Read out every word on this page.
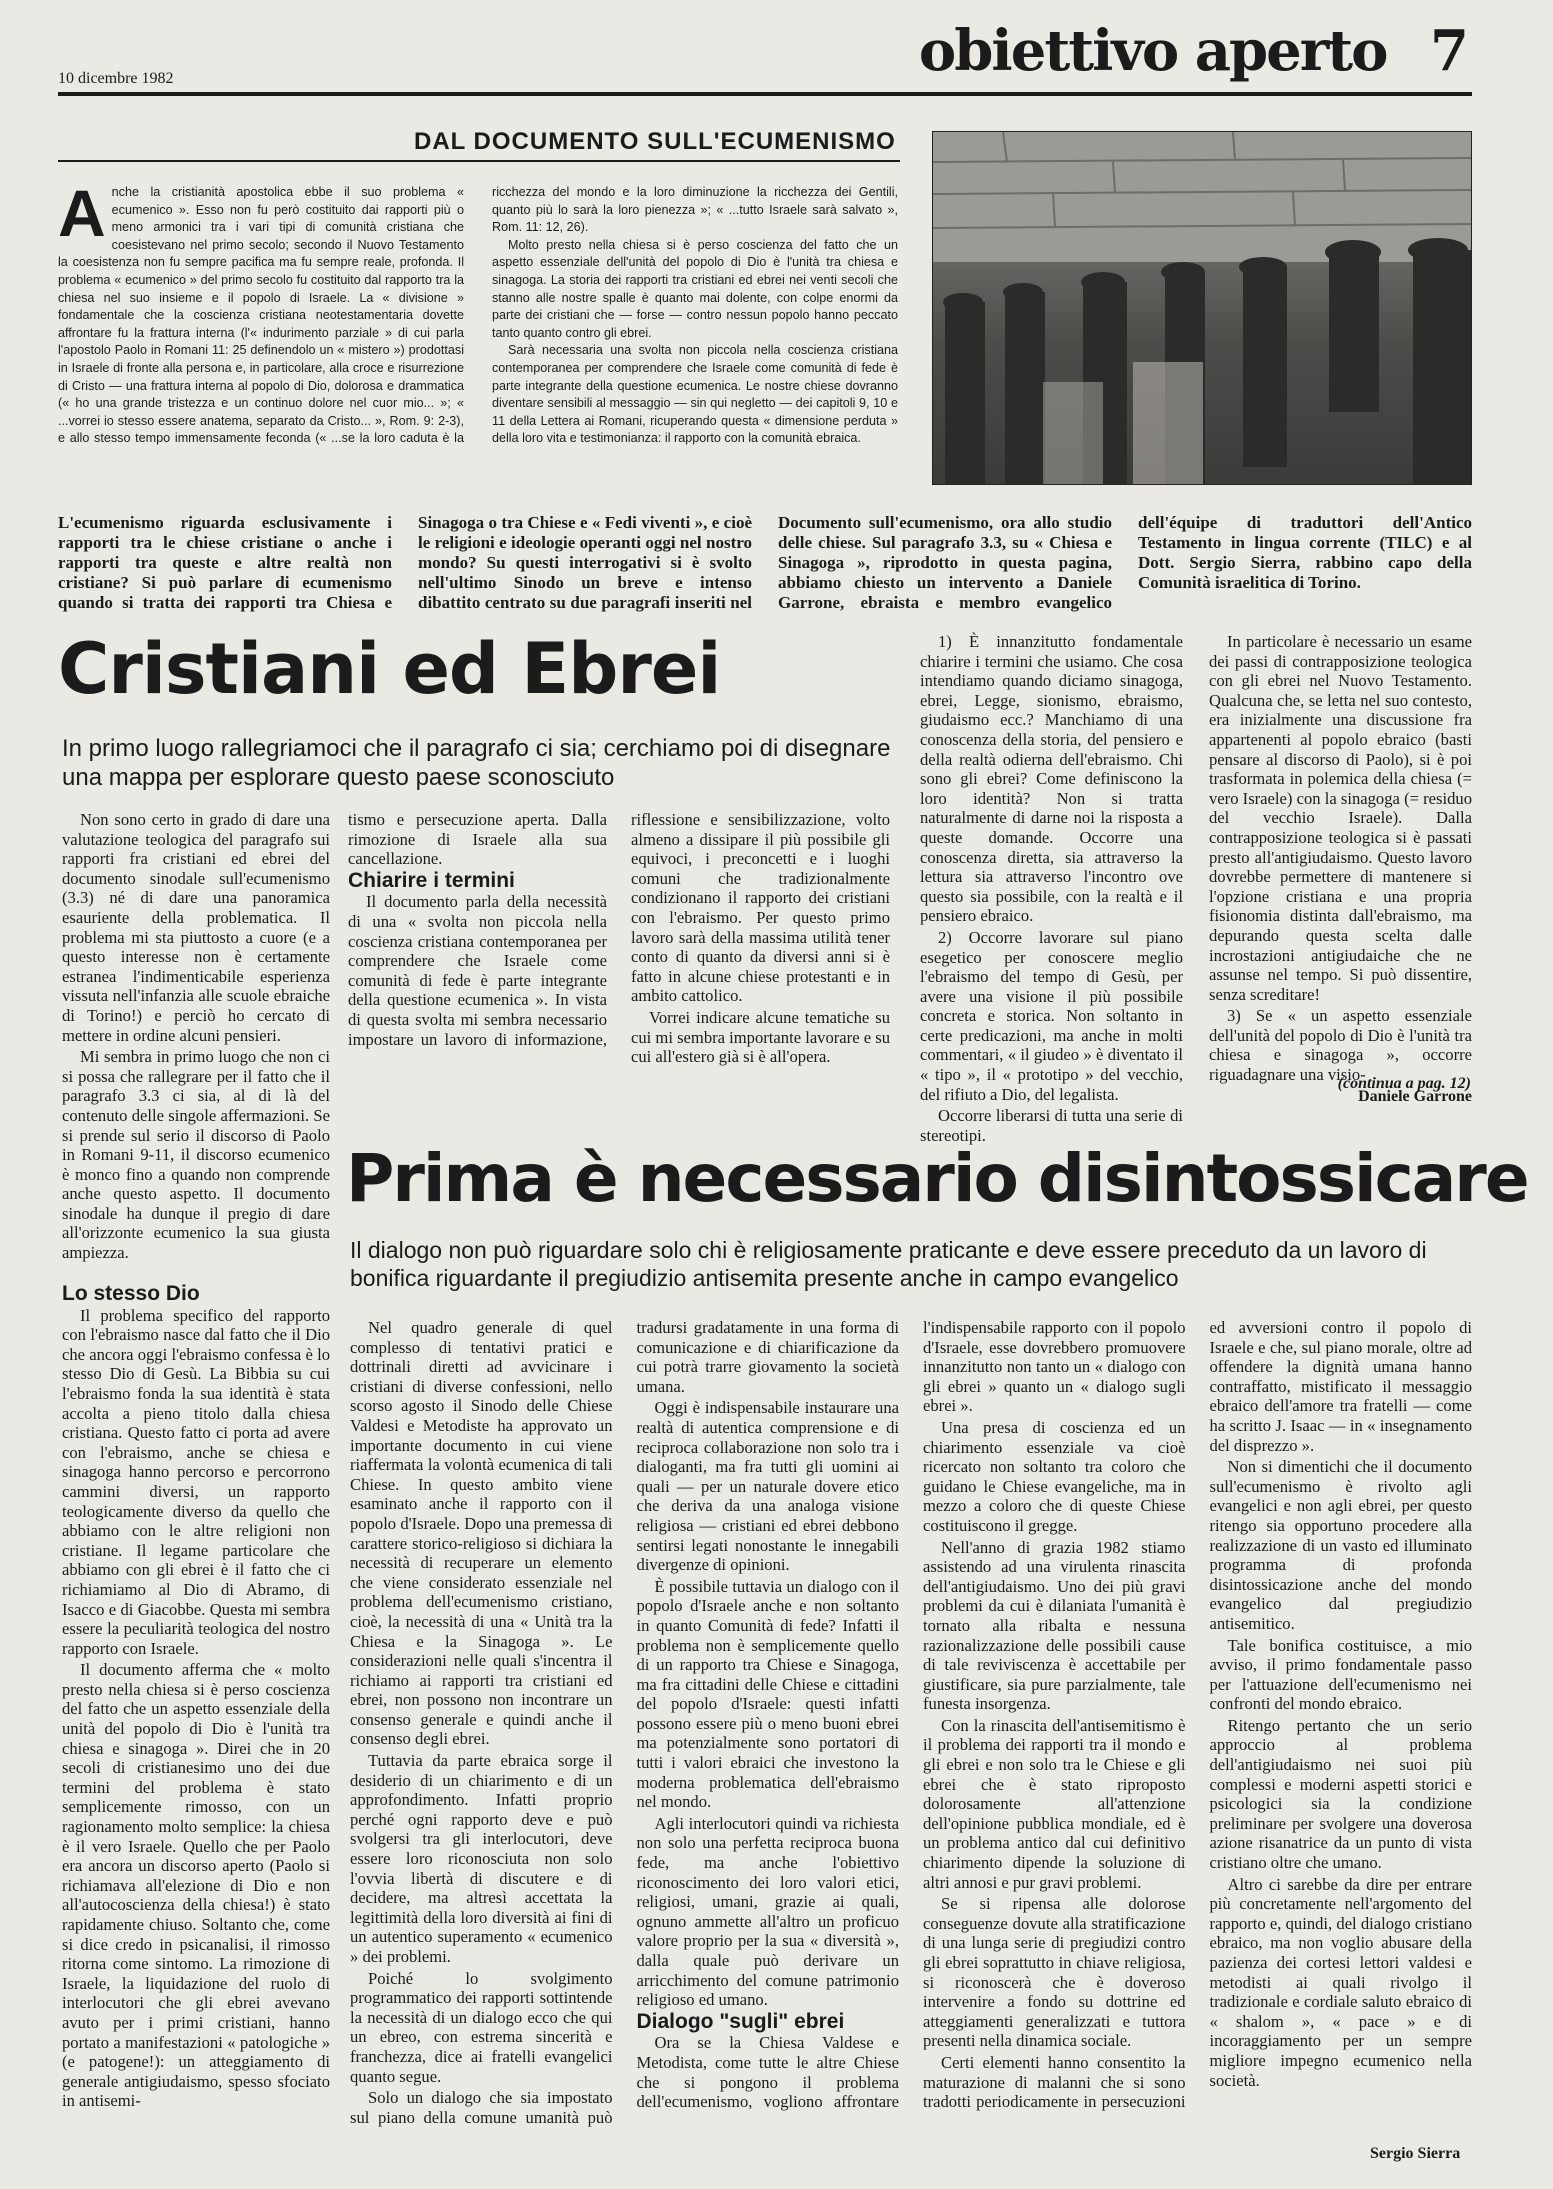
10 dicembre 1982	obiettivo aperto 7
DAL DOCUMENTO SULL'ECUMENISMO

Anche la cristianità apostolica ebbe il suo problema « ecumenico ». Esso non fu però costituito dai rapporti più o meno armonici tra i vari tipi di comunità cristiana che coesistevano nel primo secolo; secondo il Nuovo Testamento la coesistenza non fu sempre pacifica ma fu sempre reale, profonda. Il problema « ecumenico » del primo secolo fu costituito dal rapporto tra la chiesa nel suo insieme e il popolo di Israele. La « divisione » fondamentale che la coscienza cristiana neotestamentaria dovette affrontare fu la frattura interna (l'« indurimento parziale » di cui parla l'apostolo Paolo in Romani 11: 25 definendolo un « mistero ») prodottasi in Israele di fronte alla persona e, in particolare, alla croce e risurrezione di Cristo — una frattura interna al popolo di Dio, dolorosa e drammatica (« ho una grande tristezza e un continuo dolore nel cuor mio... »; « ...vorrei io stesso essere anatema, separato da Cristo... », Rom. 9: 2-3), e allo stesso tempo immensamente feconda (« ...se la loro caduta è la ricchezza del mondo e la loro diminuzione la ricchezza dei Gentili, quanto più lo sarà la loro pienezza »; « ...tutto Israele sarà salvato », Rom. 11: 12, 26).

Molto presto nella chiesa si è perso coscienza del fatto che un aspetto essenziale dell'unità del popolo di Dio è l'unità tra chiesa e sinagoga. La storia dei rapporti tra cristiani ed ebrei nei venti secoli che stanno alle nostre spalle è quanto mai dolente, con colpe enormi da parte dei cristiani che — forse — contro nessun popolo hanno peccato tanto quanto contro gli ebrei.

Sarà necessaria una svolta non piccola nella coscienza cristiana contemporanea per comprendere che Israele come comunità di fede è parte integrante della questione ecumenica. Le nostre chiese dovranno diventare sensibili al messaggio — sin qui neglettо — dei capitoli 9, 10 e 11 della Lettera ai Romani, ricuperando questa « dimensione perduta » della loro vita e testimonianza: il rapporto con la comunità ebraica.

L'ecumenismo riguarda esclusivamente i rapporti tra le chiese cristiane o anche i rapporti tra queste e altre realtà non cristiane? Si può parlare di ecumenismo quando si tratta dei rapporti tra Chiesa e Sinagoga o tra Chiese e « Fedi viventi », e cioè le religioni e ideologie operanti oggi nel nostro mondo? Su questi interrogativi si è svolto nell'ultimo Sinodo un breve e intenso dibattito centrato su due paragrafi inseriti nel Documento sull'ecumenismo, ora allo studio delle chiese. Sul paragrafo 3.3, su « Chiesa e Sinagoga », riprodotto in questa pagina, abbiamo chiesto un intervento a Daniele Garrone, ebraista e membro evangelico dell'équipe di traduttori dell'Antico Testamento in lingua corrente (TILC) e al Dott. Sergio Sierra, rabbino capo della Comunità israelitica di Torino.

Cristiani ed Ebrei
In primo luogo rallegriamoci che il paragrafo ci sia; cerchiamo poi di disegnare una mappa per esplorare questo paese sconosciuto

Non sono certo in grado di dare una valutazione teologica del paragrafo sui rapporti fra cristiani ed ebrei del documento sinodale sull'ecumenismo (3.3) né di dare una panoramica esauriente della problematica. Il problema mi sta piuttosto a cuore (e a questo interesse non è certamente estranea l'indimenticabile esperienza vissuta nell'infanzia alle scuole ebraiche di Torino!) e perciò ho cercato di mettere in ordine alcuni pensieri.

Mi sembra in primo luogo che non ci si possa che rallegrare per il fatto che il paragrafo 3.3 ci sia, al di là del contenuto delle singole affermazioni. Se si prende sul serio il discorso di Paolo in Romani 9-11, il discorso ecumenico è monco fino a quando non comprende anche questo aspetto. Il documento sinodale ha dunque il pregio di dare all'orizzonte ecumenico la sua giusta ampiezza.

tismo e persecuzione aperta. Dalla rimozione di Israele alla sua cancellazione.

Chiarire i termini

Il documento parla della necessità di una « svolta non piccola nella coscienza cristiana contemporanea per comprendere che Israele come comunità di fede è parte integrante della questione ecumenica ». In vista di questa svolta mi sembra necessario impostare un lavoro di informazione, riflessione e sensibilizzazione, volto almeno a dissipare il più possibile gli equivoci, i preconcetti e i luoghi comuni che tradizionalmente condizionano il rapporto dei cristiani con l'ebraismo. Per questo primo lavoro sarà della massima utilità tener conto di quanto da diversi anni si è fatto in alcune chiese protestanti e in ambito cattolico.

Vorrei indicare alcune tematiche su cui mi sembra importante lavorare e su cui all'estero già si è all'opera.

1) È innanzitutto fondamentale chiarire i termini che usiamo. Che cosa intendiamo quando diciamo sinagoga, ebrei, Legge, sionismo, ebraismo, giudaismo ecc.? Manchiamo di una conoscenza della storia, del pensiero e della realtà odierna dell'ebraismo. Chi sono gli ebrei? Come definiscono la loro identità? Non si tratta naturalmente di darne noi la risposta a queste domande. Occorre una conoscenza diretta, sia attraverso la lettura sia attraverso l'incontro ove questo sia possibile, con la realtà e il pensiero ebraico.

2) Occorre lavorare sul piano esegetico per conoscere meglio l'ebraismo del tempo di Gesù, per avere una visione il più possibile concreta e storica. Non soltanto in certe predicazioni, ma anche in molti commentari, « il giudeo » è diventato il « tipo », il « prototipo » del vecchio, del rifiuto a Dio, del legalista.

Occorre liberarsi di tutta una serie di stereotipi.

In particolare è necessario un esame dei passi di contrapposizione teologica con gli ebrei nel Nuovo Testamento. Qualcuna che, se letta nel suo contesto, era inizialmente una discussione fra appartenenti al popolo ebraico (basti pensare al discorso di Paolo), si è poi trasformata in polemica della chiesa (= vero Israele) con la sinagoga (= residuo del vecchio Israele). Dalla contrapposizione teologica si è passati presto all'antigiudaismo. Questo lavoro dovrebbe permettere di mantenere si l'opzione cristiana e una propria fisionomia distinta dall'ebraismo, ma depurando questa scelta dalle incrostazioni antigiudaiche che ne assunse nel tempo. Si può dissentire, senza screditare!

3) Se « un aspetto essenziale dell'unità del popolo di Dio è l'unità tra chiesa e sinagoga », occorre riguadagnare una visio-

Daniele Garrone

(continua a pag. 12)
Prima è necessario disintossicare
Il dialogo non può riguardare solo chi è religiosamente praticante e deve essere preceduto da un lavoro di bonifica riguardante il pregiudizio antisemita presente anche in campo evangelico

Lo stesso Dio

Il problema specifico del rapporto con l'ebraismo nasce dal fatto che il Dio che ancora oggi l'ebraismo confessa è lo stesso Dio di Gesù. La Bibbia su cui l'ebraismo fonda la sua identità è stata accolta a pieno titolo dalla chiesa cristiana. Questo fatto ci porta ad avere con l'ebraismo, anche se chiesa e sinagoga hanno percorso e percorrono cammini diversi, un rapporto teologicamente diverso da quello che abbiamo con le altre religioni non cristiane. Il legame particolare che abbiamo con gli ebrei è il fatto che ci richiamiamo al Dio di Abramo, di Isacco e di Giacobbe. Questa mi sembra essere la peculiarità teologica del nostro rapporto con Israele.

Il documento afferma che « molto presto nella chiesa si è perso coscienza del fatto che un aspetto essenziale della unità del popolo di Dio è l'unità tra chiesa e sinagoga ». Direi che in 20 secoli di cristianesimo uno dei due termini del problema è stato semplicemente rimosso, con un ragionamento molto semplice: la chiesa è il vero Israele. Quello che per Paolo era ancora un discorso aperto (Paolo si richiamava all'elezione di Dio e non all'autocoscienza della chiesa!) è stato rapidamente chiuso. Soltanto che, come si dice credo in psicanalisi, il rimosso ritorna come sintomo. La rimozione di Israele, la liquidazione del ruolo di interlocutori che gli ebrei avevano avuto per i primi cristiani, hanno portato a manifestazioni « patologiche » (e patogene!): un atteggiamento di generale antigiudaismo, spesso sfociato in antisemi-

Nel quadro generale di quel complesso di tentativi pratici e dottrinali diretti ad avvicinare i cristiani di diverse confessioni, nello scorso agosto il Sinodo delle Chiese Valdesi e Metodiste ha approvato un importante documento in cui viene riaffermata la volontà ecumenica di tali Chiese. In questo ambito viene esaminato anche il rapporto con il popolo d'Israele. Dopo una premessa di carattere storico-religioso si dichiara la necessità di recuperare un elemento che viene considerato essenziale nel problema dell'ecumenismo cristiano, cioè, la necessità di una « Unità tra la Chiesa e la Sinagoga ». Le considerazioni nelle quali s'incentra il richiamo ai rapporti tra cristiani ed ebrei, non possono non incontrare un consenso generale e quindi anche il consenso degli ebrei.

Tuttavia da parte ebraica sorge il desiderio di un chiarimento e di un approfondimento. Infatti proprio perché ogni rapporto deve e può svolgersi tra gli interlocutori, deve essere loro riconosciuta non solo l'ovvia libertà di discutere e di decidere, ma altresì accettata la legittimità della loro diversità ai fini di un autentico superamento « ecumenico » dei problemi.

Poiché lo svolgimento programmatico dei rapporti sottintende la necessità di un dialogo ecco che qui un ebreo, con estrema sincerità e franchezza, dice ai fratelli evangelici quanto segue.

Solo un dialogo che sia impostato sul piano della comune umanità può tradursi gradatamente in una forma di comunicazione e di chiarificazione da cui potrà trarre giovamento la società umana.

Oggi è indispensabile instaurare una realtà di autentica comprensione e di reciproca collaborazione non solo tra i dialoganti, ma fra tutti gli uomini ai quali — per un naturale dovere etico che deriva da una analoga visione religiosa — cristiani ed ebrei debbono sentirsi legati nonostante le innegabili divergenze di opinioni.

È possibile tuttavia un dialogo con il popolo d'Israele anche e non soltanto in quanto Comunità di fede? Infatti il problema non è semplicemente quello di un rapporto tra Chiese e Sinagoga, ma fra cittadini delle Chiese e cittadini del popolo d'Israele: questi infatti possono essere più o meno buoni ebrei ma potenzialmente sono portatori di tutti i valori ebraici che investono la moderna problematica dell'ebraismo nel mondo.

Agli interlocutori quindi va richiesta non solo una perfetta reciproca buona fede, ma anche l'obiettivo riconoscimento dei loro valori etici, religiosi, umani, grazie ai quali, ognuno ammette all'altro un proficuo valore proprio per la sua « diversità », dalla quale può derivare un arricchimento del comune patrimonio religioso ed umano.

Dialogo "sugli" ebrei

Ora se la Chiesa Valdese e Metodista, come tutte le altre Chiese che si pongono il problema dell'ecumenismo, vogliono affrontare l'indispensabile rapporto con il popolo d'Israele, esse dovrebbero promuovere innanzitutto non tanto un « dialogo con gli ebrei » quanto un « dialogo sugli ebrei ».

Una presa di coscienza ed un chiarimento essenziale va cioè ricercato non soltanto tra coloro che guidano le Chiese evangeliche, ma in mezzo a coloro che di queste Chiese costituiscono il gregge.

Nell'anno di grazia 1982 stiamo assistendo ad una virulenta rinascita dell'antigiudaismo. Uno dei più gravi problemi da cui è dilaniata l'umanità è tornato alla ribalta e nessuna razionalizzazione delle possibili cause di tale reviviscenza è accettabile per giustificare, sia pure parzialmente, tale funesta insorgenza.

Con la rinascita dell'antisemitismo è il problema dei rapporti tra il mondo e gli ebrei e non solo tra le Chiese e gli ebrei che è stato riproposto dolorosamente all'attenzione dell'opinione pubblica mondiale, ed è un problema antico dal cui definitivo chiarimento dipende la soluzione di altri annosi e pur gravi problemi.

Se si ripensa alle dolorose conseguenze dovute alla stratificazione di una lunga serie di pregiudizi contro gli ebrei soprattutto in chiave religiosa, si riconoscerà che è doveroso intervenire a fondo su dottrine ed atteggiamenti generalizzati e tuttora presenti nella dinamica sociale.

Certi elementi hanno consentito la maturazione di malanni che si sono tradotti periodicamente in persecuzioni ed avversioni contro il popolo di Israele e che, sul piano morale, oltre ad offendere la dignità umana hanno contraffatto, mistificato il messaggio ebraico dell'amore tra fratelli — come ha scritto J. Isaac — in « insegnamento del disprezzo ».

Non si dimentichi che il documento sull'ecumenismo è rivolto agli evangelici e non agli ebrei, per questo ritengo sia opportuno procedere alla realizzazione di un vasto ed illuminato programma di profonda disintossicazione anche del mondo evangelico dal pregiudizio antisemitico.

Tale bonifica costituisce, a mio avviso, il primo fondamentale passo per l'attuazione dell'ecumenismo nei confronti del mondo ebraico.

Ritengo pertanto che un serio approccio al problema dell'antigiudaismo nei suoi più complessi e moderni aspetti storici e psicologici sia la condizione preliminare per svolgere una doverosa azione risanatrice da un punto di vista cristiano oltre che umano.

Altro ci sarebbe da dire per entrare più concretamente nell'argomento del rapporto e, quindi, del dialogo cristiano ebraico, ma non voglio abusare della pazienza dei cortesi lettori valdesi e metodisti ai quali rivolgo il tradizionale e cordiale saluto ebraico di « shalom », « pace » e di incoraggiamento per un sempre migliore impegno ecumenico nella società.

Sergio Sierra
